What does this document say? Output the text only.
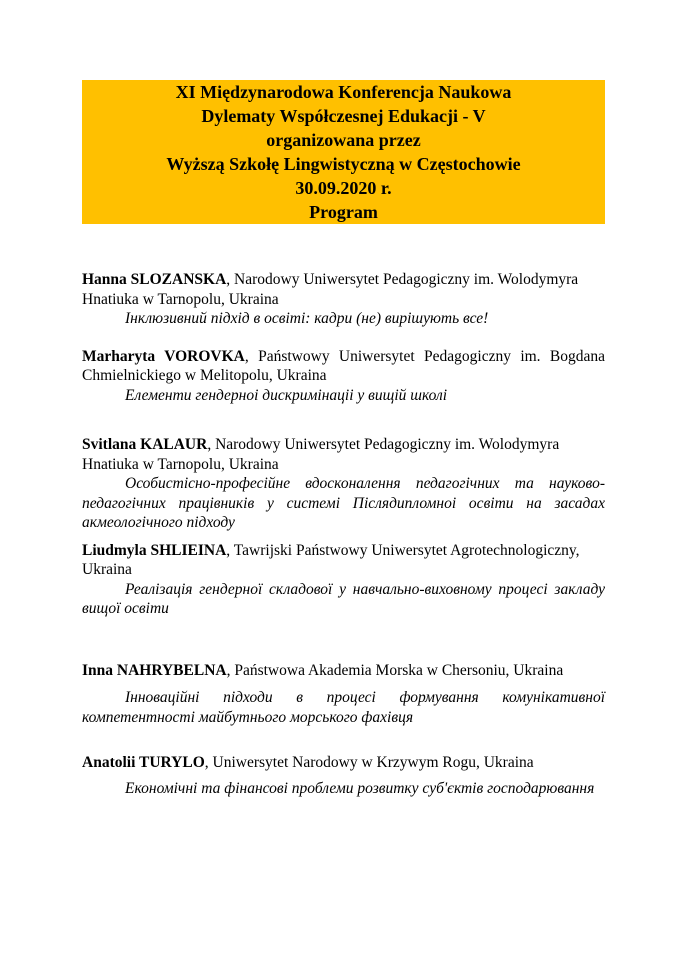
XI Międzynarodowa Konferencja Naukowa
Dylematy Współczesnej Edukacji - V
organizowana przez
Wyższą Szkołę Lingwistyczną w Częstochowie
30.09.2020 r.
Program

Hanna SLOZANSKA, Narodowy Uniwersytet Pedagogiczny im. Wolodymyra Hnatiuka w Tarnopolu, Ukraina

Інклюзивний підхід в освіті: кадри (не) вирішують все!

Marharyta VOROVKA, Państwowy Uniwersytet Pedagogiczny im. Bogdana Chmielnickiego w Melitopolu, Ukraina

Елементи гендерноі дискримінаціі у вищій школі

Svitlana KALAUR, Narodowy Uniwersytet Pedagogiczny im. Wolodymyra Hnatiuka w Tarnopolu, Ukraina

Особистісно-професійне вдосконалення педагогічних та науково-педагогічних працівників у системі Післядипломноі освіти на засадах акмеологічного підходу

Liudmyla SHLIEINA, Tawrijski Państwowy Uniwersytet Agrotechnologiczny, Ukraina

Реалізація гендерної складової у навчально-виховному процесі закладу вищої освіти

Inna NAHRYBELNA, Państwowa Akademia Morska w Chersoniu, Ukraina

Інноваційні підходи в процесі формування комунікативної компетентності майбутнього морського фахівця

Anatolii TURYLO, Uniwersytet Narodowy w Krzywym Rogu, Ukraina

Економічні та фінансові проблеми розвитку суб'єктів господарювання
